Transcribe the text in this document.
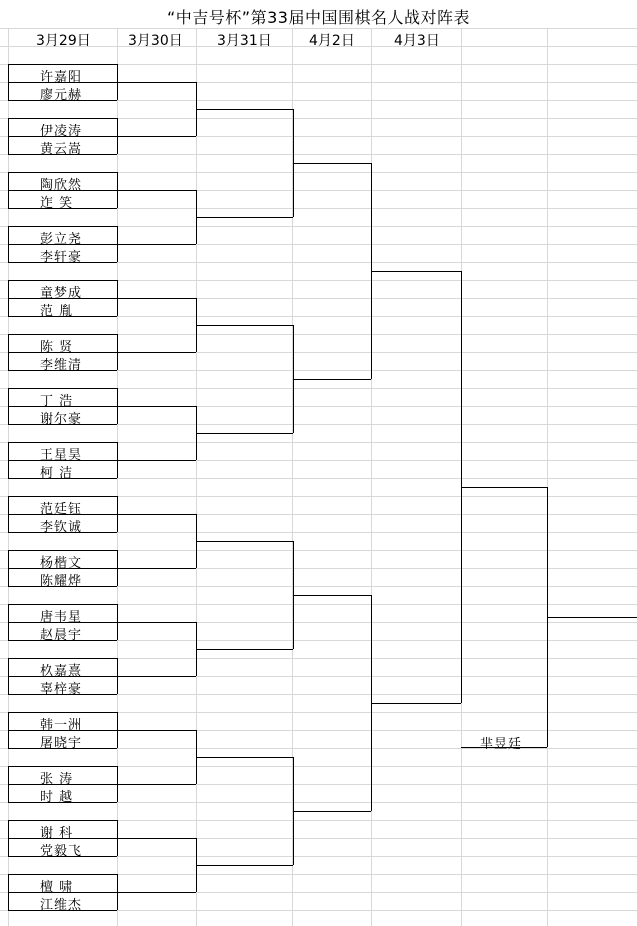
“中吉号杯”第33届中国围棋名人战对阵表
3月29日	3月30日 3月31日	4月2日	4月3日
许嘉阳
廖元赫
伊凌涛
黄云嵩
陶欣然
迮 笑
彭立尧
李轩豪
童梦成
范 胤
陈 贤
李维清
丁 浩
谢尔豪
王星昊
柯 洁
范廷钰
李钦诚
杨楷文
陈耀烨
唐韦星
赵晨宇
杦嘉熹
辜梓豪
韩一洲
屠晓宇
张 涛
时 越
谢 科
党毅飞
檀 啸
江维杰
芈昱廷
